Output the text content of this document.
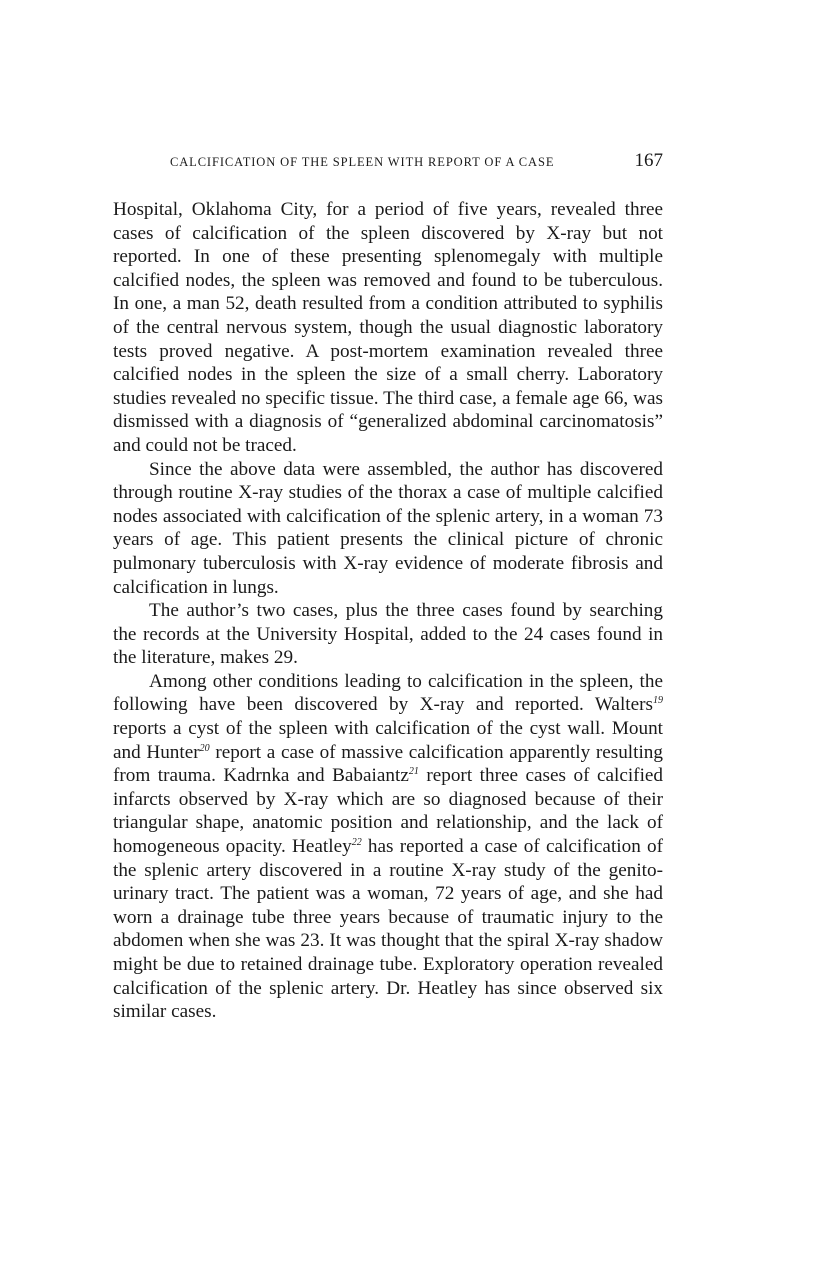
CALCIFICATION OF THE SPLEEN WITH REPORT OF A CASE	167

Hospital, Oklahoma City, for a period of five years, revealed three cases of calcification of the spleen discovered by X-ray but not reported. In one of these presenting splenomegaly with multiple calcified nodes, the spleen was removed and found to be tuberculous. In one, a man 52, death resulted from a condition attributed to syphilis of the central nervous system, though the usual diagnostic laboratory tests proved negative. A post-mortem examination revealed three calcified nodes in the spleen the size of a small cherry. Laboratory studies revealed no specific tissue. The third case, a female age 66, was dismissed with a diagnosis of “generalized abdominal carcinomatosis” and could not be traced.

Since the above data were assembled, the author has discovered through routine X-ray studies of the thorax a case of multiple calcified nodes associated with calcification of the splenic artery, in a woman 73 years of age. This patient presents the clinical picture of chronic pulmonary tuberculosis with X-ray evidence of moderate fibrosis and calcification in lungs.

The author’s two cases, plus the three cases found by searching the records at the University Hospital, added to the 24 cases found in the literature, makes 29.

Among other conditions leading to calcification in the spleen, the following have been discovered by X-ray and reported. Walters$^{19}$ reports a cyst of the spleen with calcification of the cyst wall. Mount and Hunter$^{20}$ report a case of massive calcification apparently resulting from trauma. Kadrnka and Babaiantz$^{21}$ report three cases of calcified infarcts observed by X-ray which are so diagnosed because of their triangular shape, anatomic position and relationship, and the lack of homogeneous opacity. Heatley$^{22}$ has reported a case of calcification of the splenic artery discovered in a routine X-ray study of the genito-urinary tract. The patient was a woman, 72 years of age, and she had worn a drainage tube three years because of traumatic injury to the abdomen when she was 23. It was thought that the spiral X-ray shadow might be due to retained drainage tube. Exploratory operation revealed calcification of the splenic artery. Dr. Heatley has since observed six similar cases.
